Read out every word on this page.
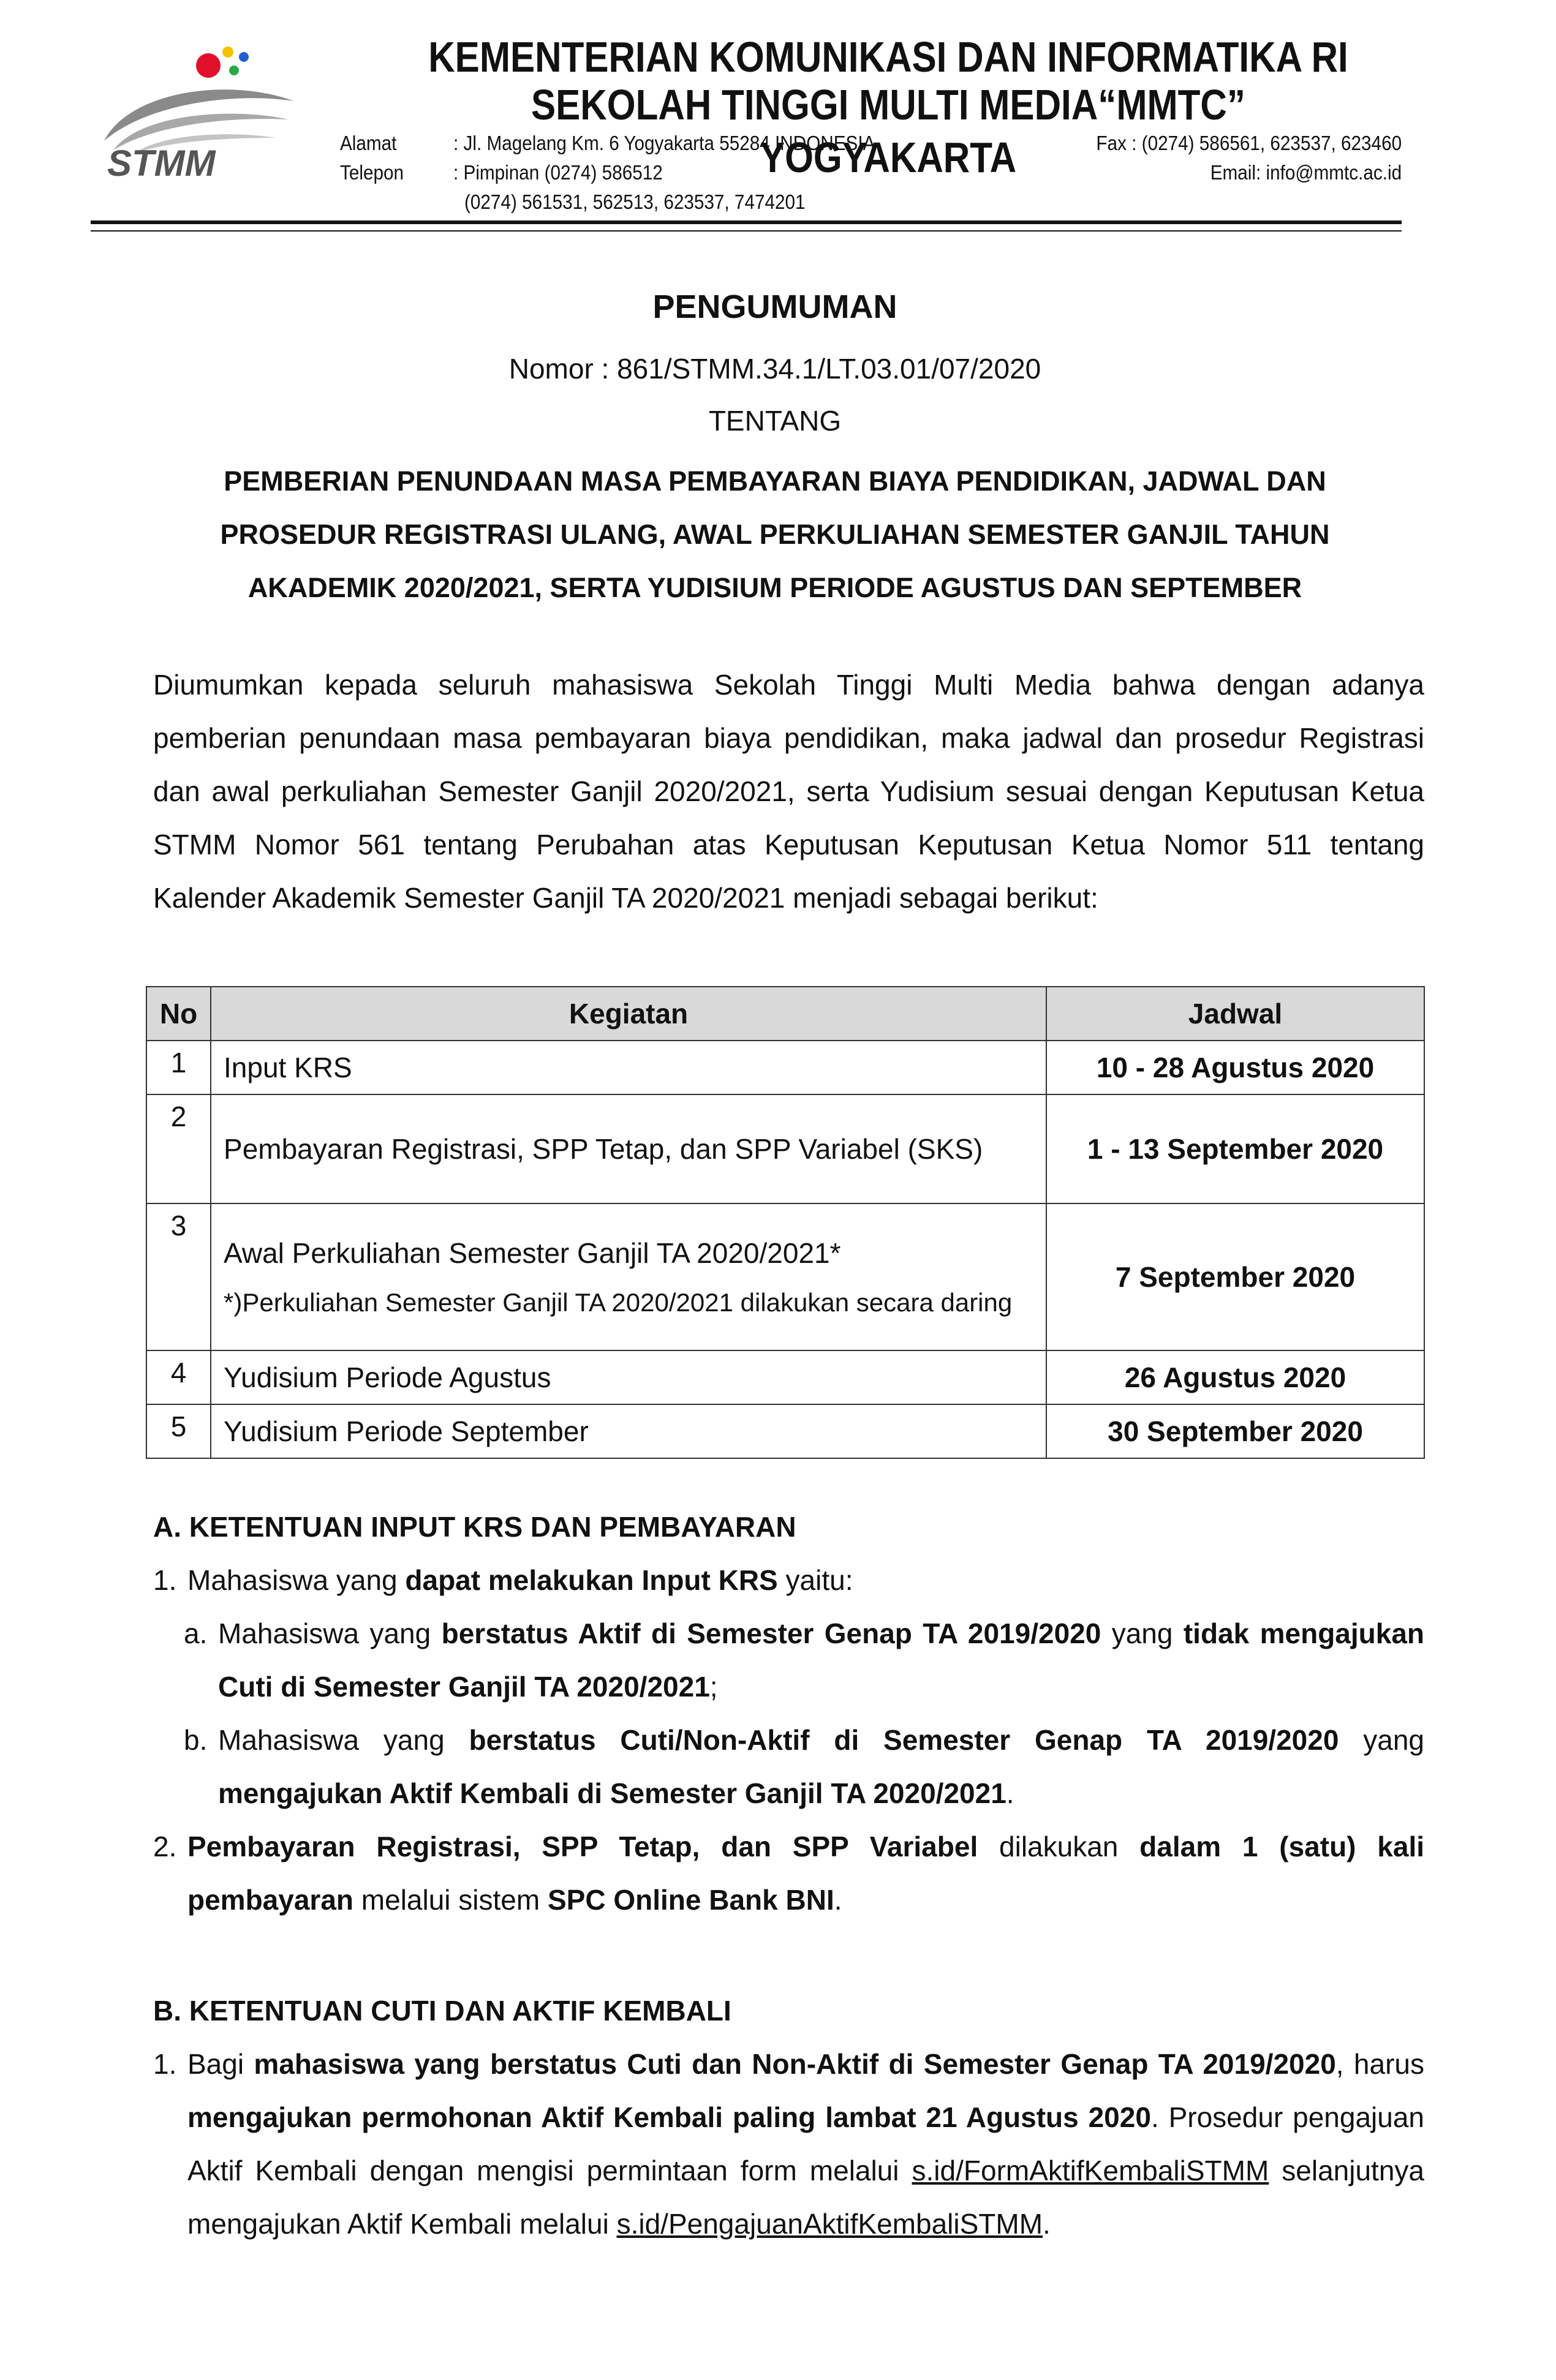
STMM
KEMENTERIAN KOMUNIKASI DAN INFORMATIKA RI
SEKOLAH TINGGI MULTI MEDIA“MMTC” YOGYAKARTA
Alamat	: Jl. Magelang Km. 6 Yogyakarta 55284 INDONESIA	Fax : (0274) 586561, 623537, 623460
Telepon : Pimpinan (0274) 586512	Email: info@mmtc.ac.id
(0274) 561531, 562513, 623537, 7474201
PENGUMUMAN
Nomor : 861/STMM.34.1/LT.03.01/07/2020
TENTANG
PEMBERIAN PENUNDAAN MASA PEMBAYARAN BIAYA PENDIDIKAN, JADWAL DAN
PROSEDUR REGISTRASI ULANG, AWAL PERKULIAHAN SEMESTER GANJIL TAHUN
AKADEMIK 2020/2021, SERTA YUDISIUM PERIODE AGUSTUS DAN SEPTEMBER
Diumumkan kepada seluruh mahasiswa Sekolah Tinggi Multi Media bahwa dengan adanya pemberian penundaan masa pembayaran biaya pendidikan, maka jadwal dan prosedur Registrasi dan awal perkuliahan Semester Ganjil 2020/2021, serta Yudisium sesuai dengan Keputusan Ketua STMM Nomor 561 tentang Perubahan atas Keputusan Keputusan Ketua Nomor 511 tentang Kalender Akademik Semester Ganjil TA 2020/2021 menjadi sebagai berikut:
No	Kegiatan	Jadwal
1	Input KRS	10 - 28 Agustus 2020
2	Pembayaran Registrasi, SPP Tetap, dan SPP Variabel (SKS)	1 - 13 September 2020
3	Awal Perkuliahan Semester Ganjil TA 2020/2021*
*)Perkuliahan Semester Ganjil TA 2020/2021 dilakukan secara daring	7 September 2020
4	Yudisium Periode Agustus	26 Agustus 2020
5	Yudisium Periode September	30 September 2020
A. KETENTUAN INPUT KRS DAN PEMBAYARAN
1. Mahasiswa yang dapat melakukan Input KRS yaitu:
a. Mahasiswa yang berstatus Aktif di Semester Genap TA 2019/2020 yang tidak mengajukan Cuti di Semester Ganjil TA 2020/2021;
b. Mahasiswa yang berstatus Cuti/Non-Aktif di Semester Genap TA 2019/2020 yang mengajukan Aktif Kembali di Semester Ganjil TA 2020/2021.
2. Pembayaran Registrasi, SPP Tetap, dan SPP Variabel dilakukan dalam 1 (satu) kali pembayaran melalui sistem SPC Online Bank BNI.
B. KETENTUAN CUTI DAN AKTIF KEMBALI
1. Bagi mahasiswa yang berstatus Cuti dan Non-Aktif di Semester Genap TA 2019/2020, harus mengajukan permohonan Aktif Kembali paling lambat 21 Agustus 2020. Prosedur pengajuan Aktif Kembali dengan mengisi permintaan form melalui s.id/FormAktifKembaliSTMM selanjutnya mengajukan Aktif Kembali melalui s.id/PengajuanAktifKembaliSTMM.
